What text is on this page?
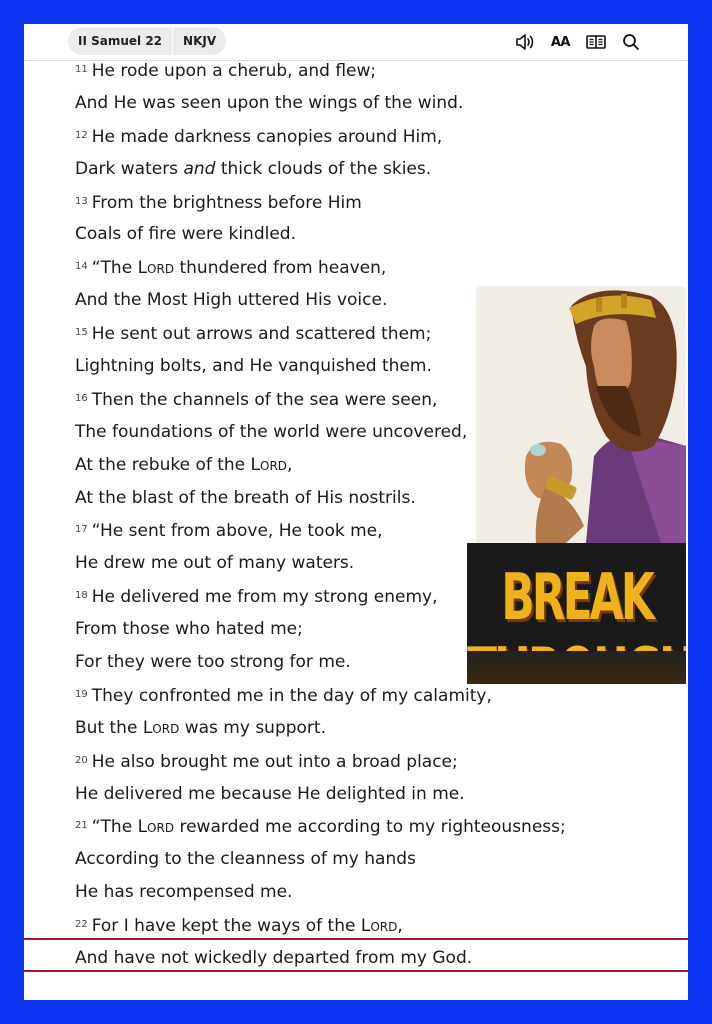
II Samuel 22	NKJV	AA
$^{11}$ He rode upon a cherub, and flew;
And He was seen upon the wings of the wind.
$^{12}$ He made darkness canopies around Him,
Dark waters and thick clouds of the skies.
$^{13}$ From the brightness before Him
Coals of fire were kindled.
$^{14}$ “The Lord thundered from heaven,
And the Most High uttered His voice.
$^{15}$ He sent out arrows and scattered them;
Lightning bolts, and He vanquished them.
$^{16}$ Then the channels of the sea were seen,
The foundations of the world were uncovered,
At the rebuke of the Lord,
At the blast of the breath of His nostrils.
$^{17}$ “He sent from above, He took me,
He drew me out of many waters.
$^{18}$ He delivered me from my strong enemy,
From those who hated me;
For they were too strong for me.
$^{19}$ They confronted me in the day of my calamity,
But the Lord was my support.
$^{20}$ He also brought me out into a broad place;
He delivered me because He delighted in me.
$^{21}$ “The Lord rewarded me according to my righteousness;
According to the cleanness of my hands
He has recompensed me.
$^{22}$ For I have kept the ways of the Lord,
And have not wickedly departed from my God.
BREAK
